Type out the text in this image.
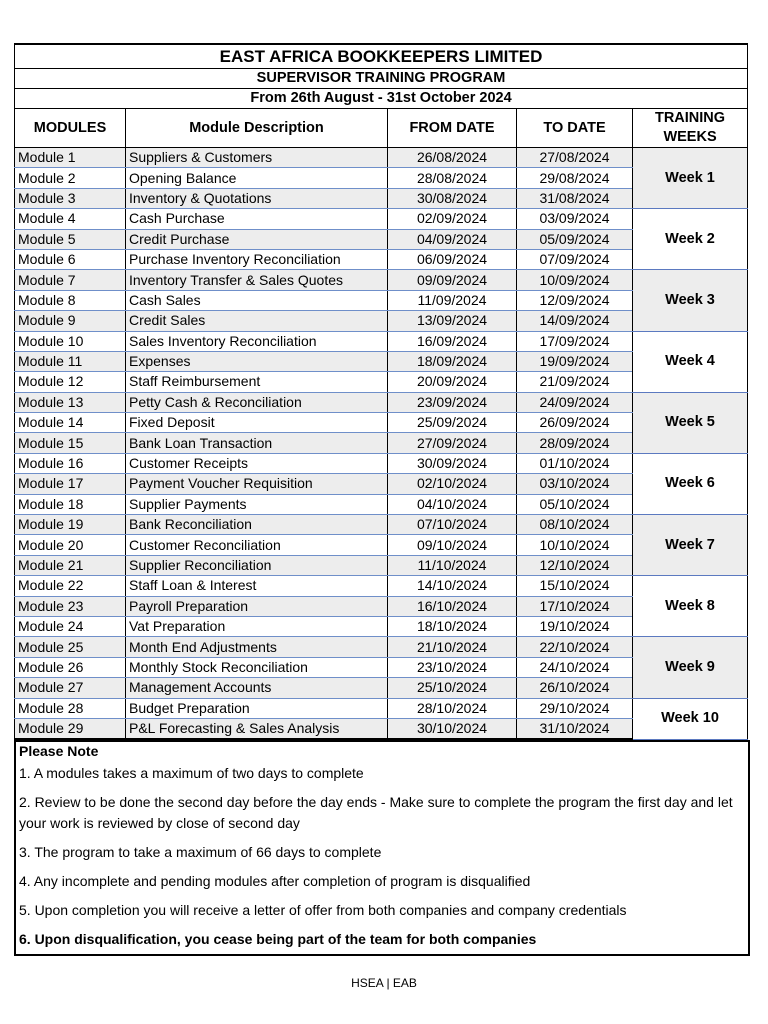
EAST AFRICA BOOKKEEPERS LIMITED				
SUPERVISOR TRAINING PROGRAM				
From 26th August - 31st October 2024				
MODULES	Module Description	FROM DATE	TO DATE	TRAINING WEEKS
Module 1	Suppliers & Customers	26/08/2024	27/08/2024	Week 1
Module 2	Opening Balance	28/08/2024	29/08/2024	
Module 3	Inventory & Quotations	30/08/2024	31/08/2024	
Module 4	Cash Purchase	02/09/2024	03/09/2024	Week 2
Module 5	Credit Purchase	04/09/2024	05/09/2024	
Module 6	Purchase Inventory Reconciliation	06/09/2024	07/09/2024	
Module 7	Inventory Transfer & Sales Quotes	09/09/2024	10/09/2024	Week 3
Module 8	Cash Sales	11/09/2024	12/09/2024	
Module 9	Credit Sales	13/09/2024	14/09/2024	
Module 10	Sales Inventory Reconciliation	16/09/2024	17/09/2024	Week 4
Module 11	Expenses	18/09/2024	19/09/2024	
Module 12	Staff Reimbursement	20/09/2024	21/09/2024	
Module 13	Petty Cash & Reconciliation	23/09/2024	24/09/2024	Week 5
Module 14	Fixed Deposit	25/09/2024	26/09/2024	
Module 15	Bank Loan Transaction	27/09/2024	28/09/2024	
Module 16	Customer Receipts	30/09/2024	01/10/2024	Week 6
Module 17	Payment Voucher Requisition	02/10/2024	03/10/2024	
Module 18	Supplier Payments	04/10/2024	05/10/2024	
Module 19	Bank Reconciliation	07/10/2024	08/10/2024	Week 7
Module 20	Customer Reconciliation	09/10/2024	10/10/2024	
Module 21	Supplier Reconciliation	11/10/2024	12/10/2024	
Module 22	Staff Loan & Interest	14/10/2024	15/10/2024	Week 8
Module 23	Payroll Preparation	16/10/2024	17/10/2024	
Module 24	Vat Preparation	18/10/2024	19/10/2024	
Module 25	Month End Adjustments	21/10/2024	22/10/2024	Week 9
Module 26	Monthly Stock Reconciliation	23/10/2024	24/10/2024	
Module 27	Management Accounts	25/10/2024	26/10/2024	
Module 28	Budget Preparation	28/10/2024	29/10/2024	Week 10
Module 29	P&L Forecasting & Sales Analysis	30/10/2024	31/10/2024	
Please Note

1. A modules takes a maximum of two days to complete

2. Review to be done the second day before the day ends - Make sure to complete the program the first day and let your work is reviewed by close of second day

3. The program to take a maximum of 66 days to complete

4. Any incomplete and pending modules after completion of program is disqualified

5. Upon completion you will receive a letter of offer from both companies and company credentials

6. Upon disqualification, you cease being part of the team for both companies

HSEA | EAB
